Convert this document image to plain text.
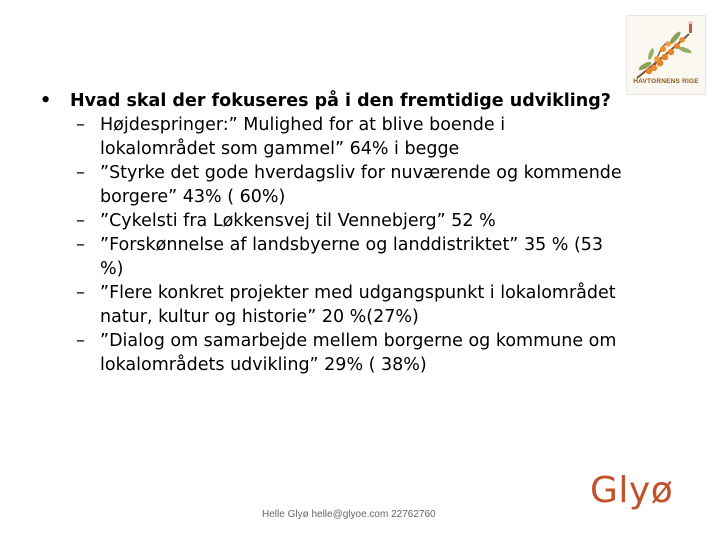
HAVTORNENS RIGE
• Hvad skal der fokuseres på i den fremtidige udvikling?
– Højdespringer:” Mulighed for at blive boende i
lokalområdet som gammel” 64% i begge
– ”Styrke det gode hverdagsliv for nuværende og kommende
borgere” 43% ( 60%)
– ”Cykelsti fra Løkkensvej til Vennebjerg” 52 %
– ”Forskønnelse af landsbyerne og landdistriktet” 35 % (53
%)
– ”Flere konkret projekter med udgangspunkt i lokalområdet
natur, kultur og historie” 20 %(27%)
– ”Dialog om samarbejde mellem borgerne og kommune om
lokalområdets udvikling” 29% ( 38%)
Helle Glyø helle@glyoe.com 22762760
Glyø
